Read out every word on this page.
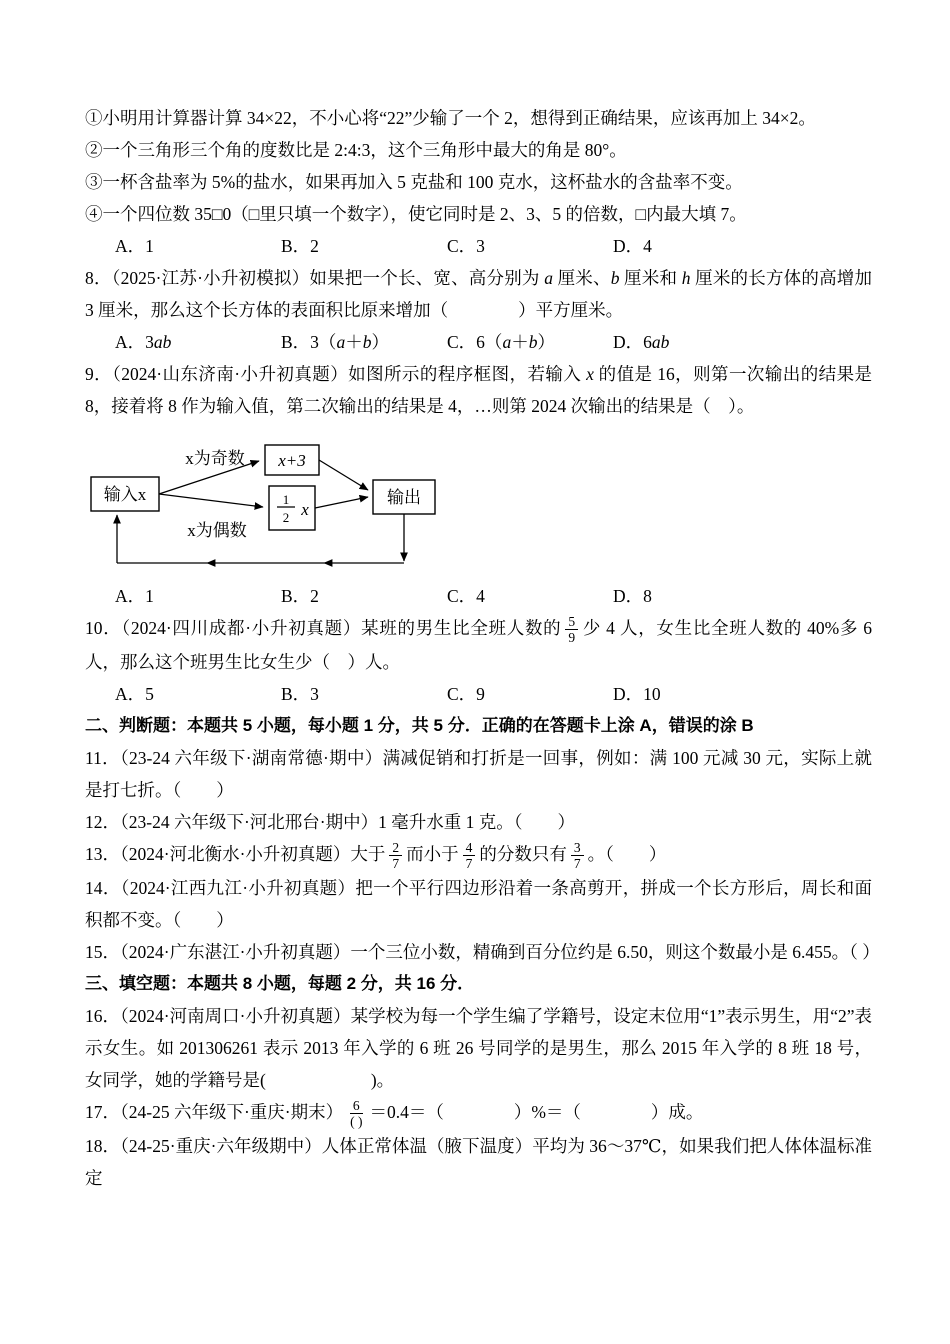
①小明用计算器计算 34×22，不小心将“22”少输了一个 2，想得到正确结果，应该再加上 34×2。
②一个三角形三个角的度数比是 2:4:3，这个三角形中最大的角是 80°。
③一杯含盐率为 5%的盐水，如果再加入 5 克盐和 100 克水，这杯盐水的含盐率不变。
④一个四位数 35□0（□里只填一个数字），使它同时是 2、3、5 的倍数，□内最大填 7。
A．1	B．2	C．3	D．4
8．（2025·江苏·小升初模拟）如果把一个长、宽、高分别为 a 厘米、b 厘米和 h 厘米的长方体的高增加 3 厘米，那么这个长方体的表面积比原来增加（　　　　）平方厘米。
A．3ab	B．3（a＋b）	C．6（a＋b）	D．6ab
9．（2024·山东济南·小升初真题）如图所示的程序框图，若输入 x 的值是 16，则第一次输出的结果是 8，接着将 8 作为输入值，第二次输出的结果是 4，…则第 2024 次输出的结果是（　）。
输入x
x+3
输出
1
2 x
x为奇数
x为偶数
A．1	B．2	C．4	D．8
10．（2024·四川成都·小升初真题）某班的男生比全班人数的 $\frac{5}{9}$ 少 4 人，女生比全班人数的 40%多 6 人，那么这个班男生比女生少（　）人。
A．5	B．3	C．9	D．10
二、判断题：本题共 5 小题，每小题 1 分，共 5 分．正确的在答题卡上涂 A，错误的涂 B
11．（23-24 六年级下·湖南常德·期中）满减促销和打折是一回事，例如：满 100 元减 30 元，实际上就是打七折。（　　）
12．（23-24 六年级下·河北邢台·期中）1 毫升水重 1 克。（　　）
13．（2024·河北衡水·小升初真题）大于 $\frac{2}{7}$ 而小于 $\frac{4}{7}$ 的分数只有 $\frac{3}{7}$ 。（　　）
14．（2024·江西九江·小升初真题）把一个平行四边形沿着一条高剪开，拼成一个长方形后，周长和面积都不变。（　　）
15．（2024·广东湛江·小升初真题）一个三位小数，精确到百分位约是 6.50，则这个数最小是 6.455。（ ）
三、填空题：本题共 8 小题，每题 2 分，共 16 分．
16．（2024·河南周口·小升初真题）某学校为每一个学生编了学籍号，设定末位用“1”表示男生，用“2”表示女生。如 201306261 表示 2013 年入学的 6 班 26 号同学的是男生，那么 2015 年入学的 8 班 18 号，女同学，她的学籍号是(　　　　　　)。
17．（24-25 六年级下·重庆·期末） $\frac{6}{( )} =0.4=$（　　　　）%＝（　　　　）成。
18．（24-25·重庆·六年级期中）人体正常体温（腋下温度）平均为 36～37℃，如果我们把人体体温标准定
